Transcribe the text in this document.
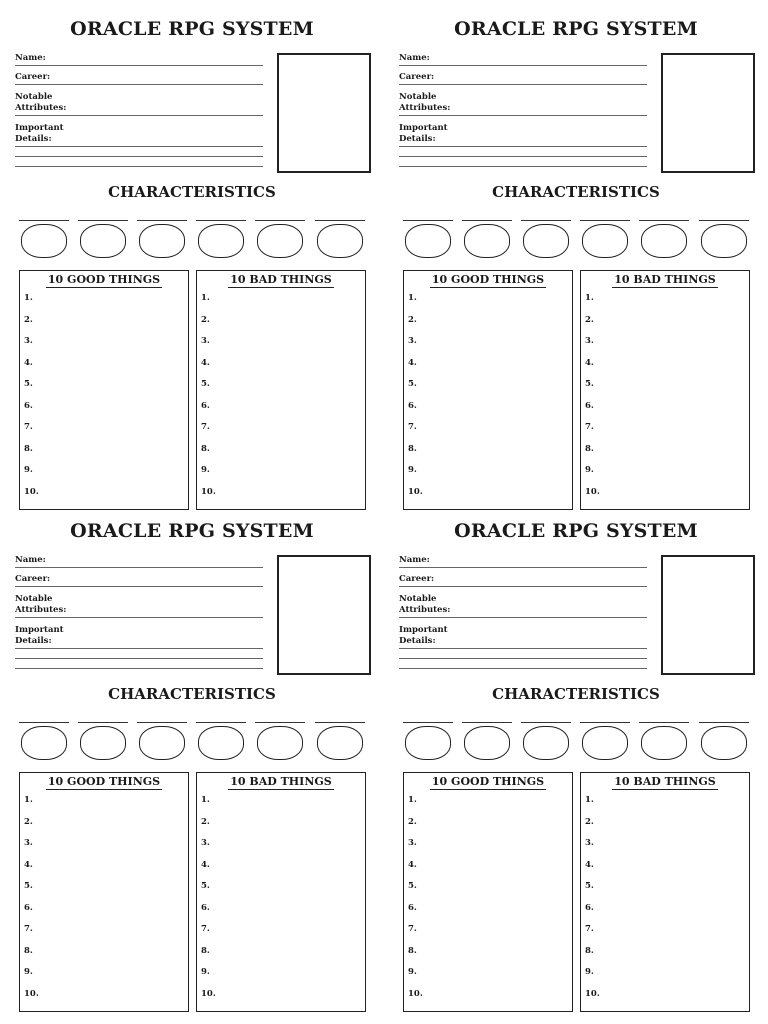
ORACLE RPG SYSTEM
Name:
Career:
Notable
Attributes:
Important
Details:
CHARACTERISTICS
10 GOOD THINGS
1.
2.
3.
4.
5.
6.
7.
8.
9.
10.
10 BAD THINGS
1.
2.
3.
4.
5.
6.
7.
8.
9.
10.
ORACLE RPG SYSTEM
Name:
Career:
Notable
Attributes:
Important
Details:
CHARACTERISTICS
10 GOOD THINGS
1.
2.
3.
4.
5.
6.
7.
8.
9.
10.
10 BAD THINGS
1.
2.
3.
4.
5.
6.
7.
8.
9.
10.
ORACLE RPG SYSTEM
Name:
Career:
Notable
Attributes:
Important
Details:
CHARACTERISTICS
10 GOOD THINGS
1.
2.
3.
4.
5.
6.
7.
8.
9.
10.
10 BAD THINGS
1.
2.
3.
4.
5.
6.
7.
8.
9.
10.
ORACLE RPG SYSTEM
Name:
Career:
Notable
Attributes:
Important
Details:
CHARACTERISTICS
10 GOOD THINGS
1.
2.
3.
4.
5.
6.
7.
8.
9.
10.
10 BAD THINGS
1.
2.
3.
4.
5.
6.
7.
8.
9.
10.
